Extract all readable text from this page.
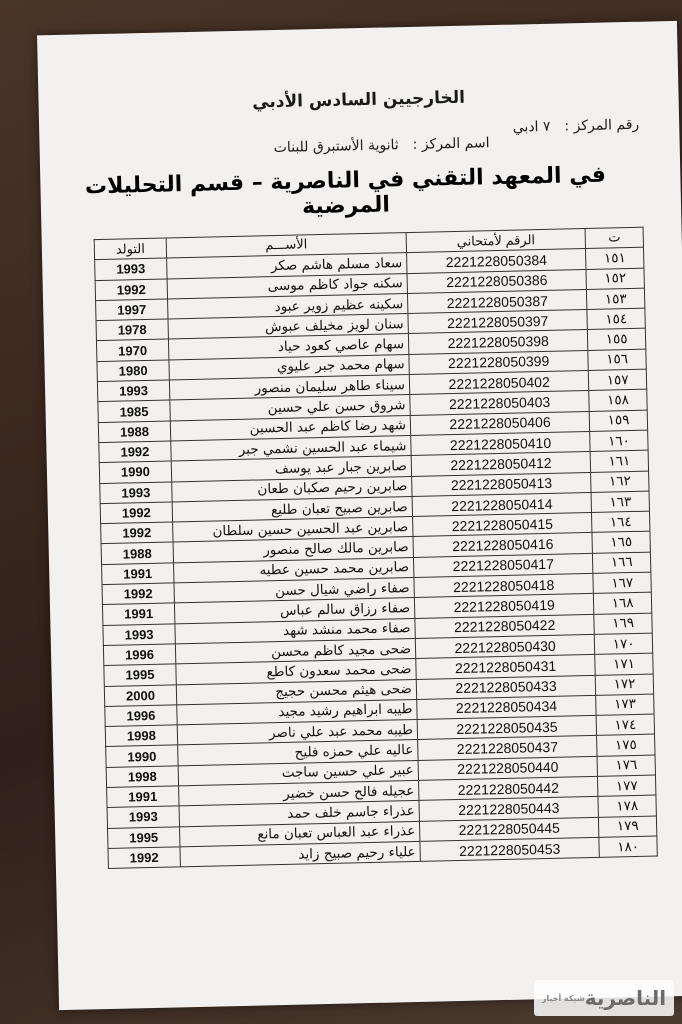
الخارجيين السادس الأدبي
رقم المركز :٧ ادبي
اسم المركز :ثانوية الأستبرق للبنات
في المعهد التقني في الناصرية – قسم التحليلات المرضية
ت	الرقم لأمتحاني	الأســـم	التولد
١٥١	2221228050384	سعاد مسلم هاشم صكر	1993
١٥٢	2221228050386	سكنه جواد كاظم موسى	1992
١٥٣	2221228050387	سكينه عظيم زوير عبود	1997
١٥٤	2221228050397	سنان لويز مخيلف عبوش	1978
١٥٥	2221228050398	سهام عاصي كعود حياد	1970
١٥٦	2221228050399	سهام محمد جبر عليوي	1980
١٥٧	2221228050402	سيناء طاهر سليمان منصور	1993
١٥٨	2221228050403	شروق حسن علي حسين	1985
١٥٩	2221228050406	شهد رضا كاظم عبد الحسين	1988
١٦٠	2221228050410	شيماء عبد الحسين نشمي جبر	1992
١٦١	2221228050412	صابرين جبار عبد يوسف	1990
١٦٢	2221228050413	صابرين رحيم صكبان طعان	1993
١٦٣	2221228050414	صابرين صبيح تعبان طليع	1992
١٦٤	2221228050415	صابرين عبد الحسين حسين سلطان	1992
١٦٥	2221228050416	صابرين مالك صالح منصور	1988
١٦٦	2221228050417	صابرين محمد حسين عطيه	1991
١٦٧	2221228050418	صفاء راضي شيال حسن	1992
١٦٨	2221228050419	صفاء رزاق سالم عباس	1991
١٦٩	2221228050422	صفاء محمد منشد شهد	1993
١٧٠	2221228050430	ضحى مجيد كاظم محسن	1996
١٧١	2221228050431	ضحى محمد سعدون كاطع	1995
١٧٢	2221228050433	ضحى هيثم محسن حجيج	2000
١٧٣	2221228050434	طيبه ابراهيم رشيد مجيد	1996
١٧٤	2221228050435	طيبه محمد عبد علي ناصر	1998
١٧٥	2221228050437	عاليه علي حمزه فليح	1990
١٧٦	2221228050440	عبير علي حسين ساجت	1998
١٧٧	2221228050442	عجيله فالح حسن خضير	1991
١٧٨	2221228050443	عذراء جاسم خلف حمد	1993
١٧٩	2221228050445	عذراء عبد العباس تعبان مانع	1995
١٨٠	2221228050453	علياء رحيم صبيح زايد	1992
الناصرية
شبكة أخبار
